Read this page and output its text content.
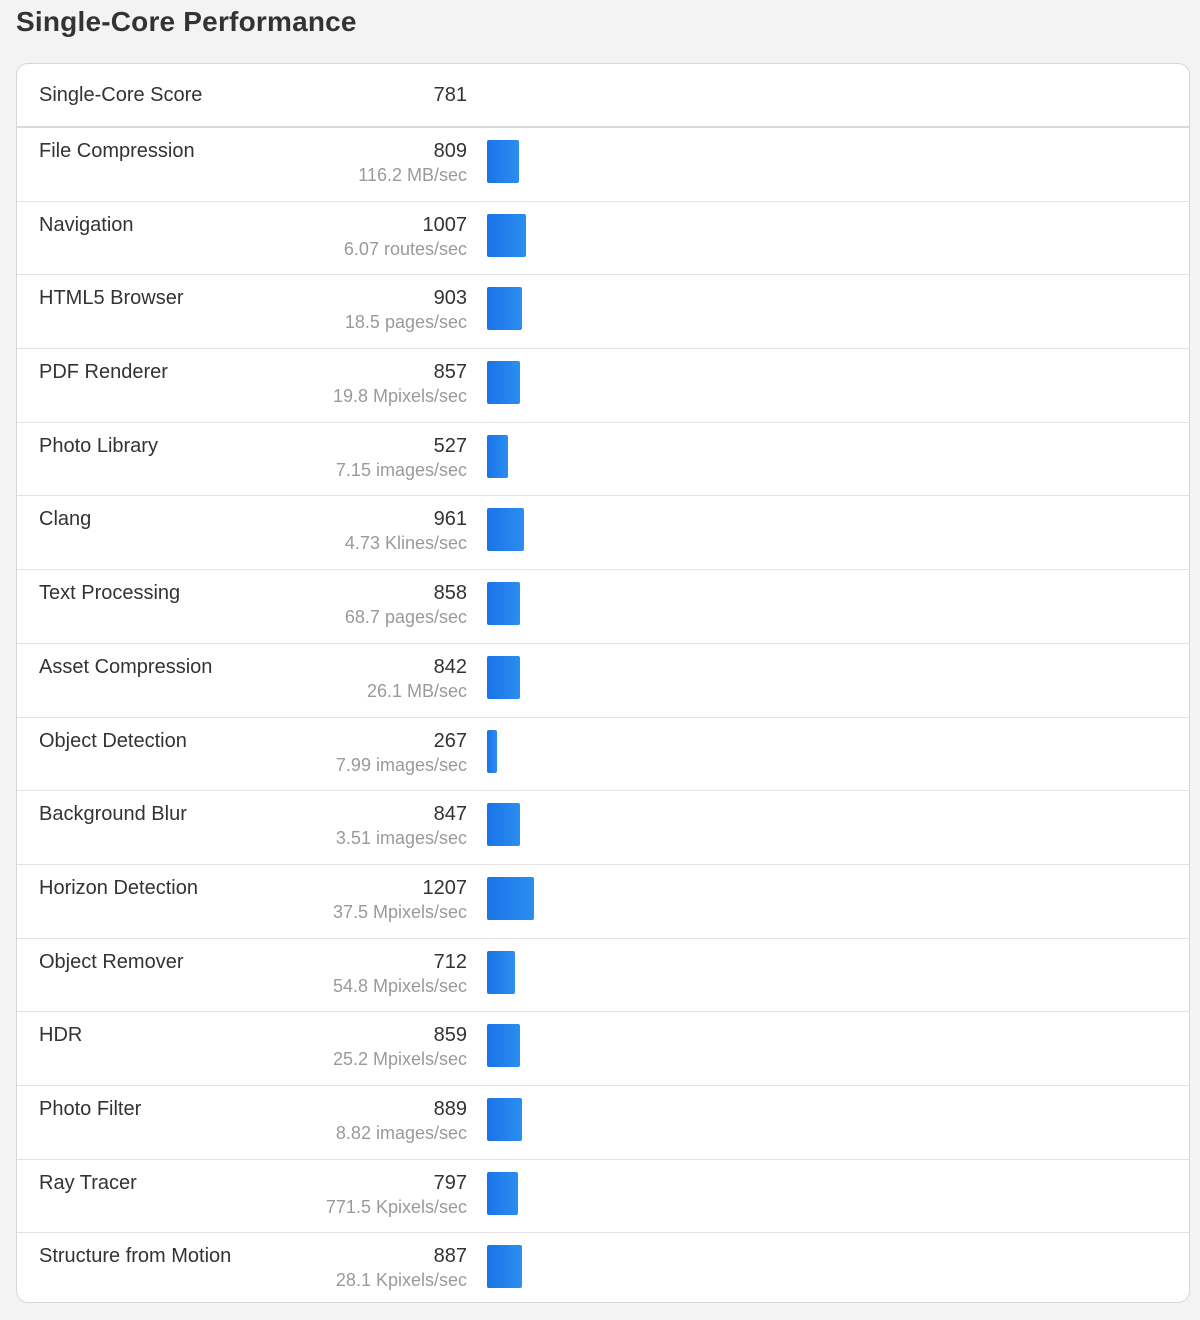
Single-Core Performance
Single-Core Score	781
File Compression	809
116.2 MB/sec
Navigation	1007
6.07 routes/sec
HTML5 Browser	903
18.5 pages/sec
PDF Renderer	857
19.8 Mpixels/sec
Photo Library	527
7.15 images/sec
Clang	961
4.73 Klines/sec
Text Processing	858
68.7 pages/sec
Asset Compression	842
26.1 MB/sec
Object Detection	267
7.99 images/sec
Background Blur	847
3.51 images/sec
Horizon Detection	1207
37.5 Mpixels/sec
Object Remover	712
54.8 Mpixels/sec
HDR	859
25.2 Mpixels/sec
Photo Filter	889
8.82 images/sec
Ray Tracer	797
771.5 Kpixels/sec
Structure from Motion	887
28.1 Kpixels/sec
